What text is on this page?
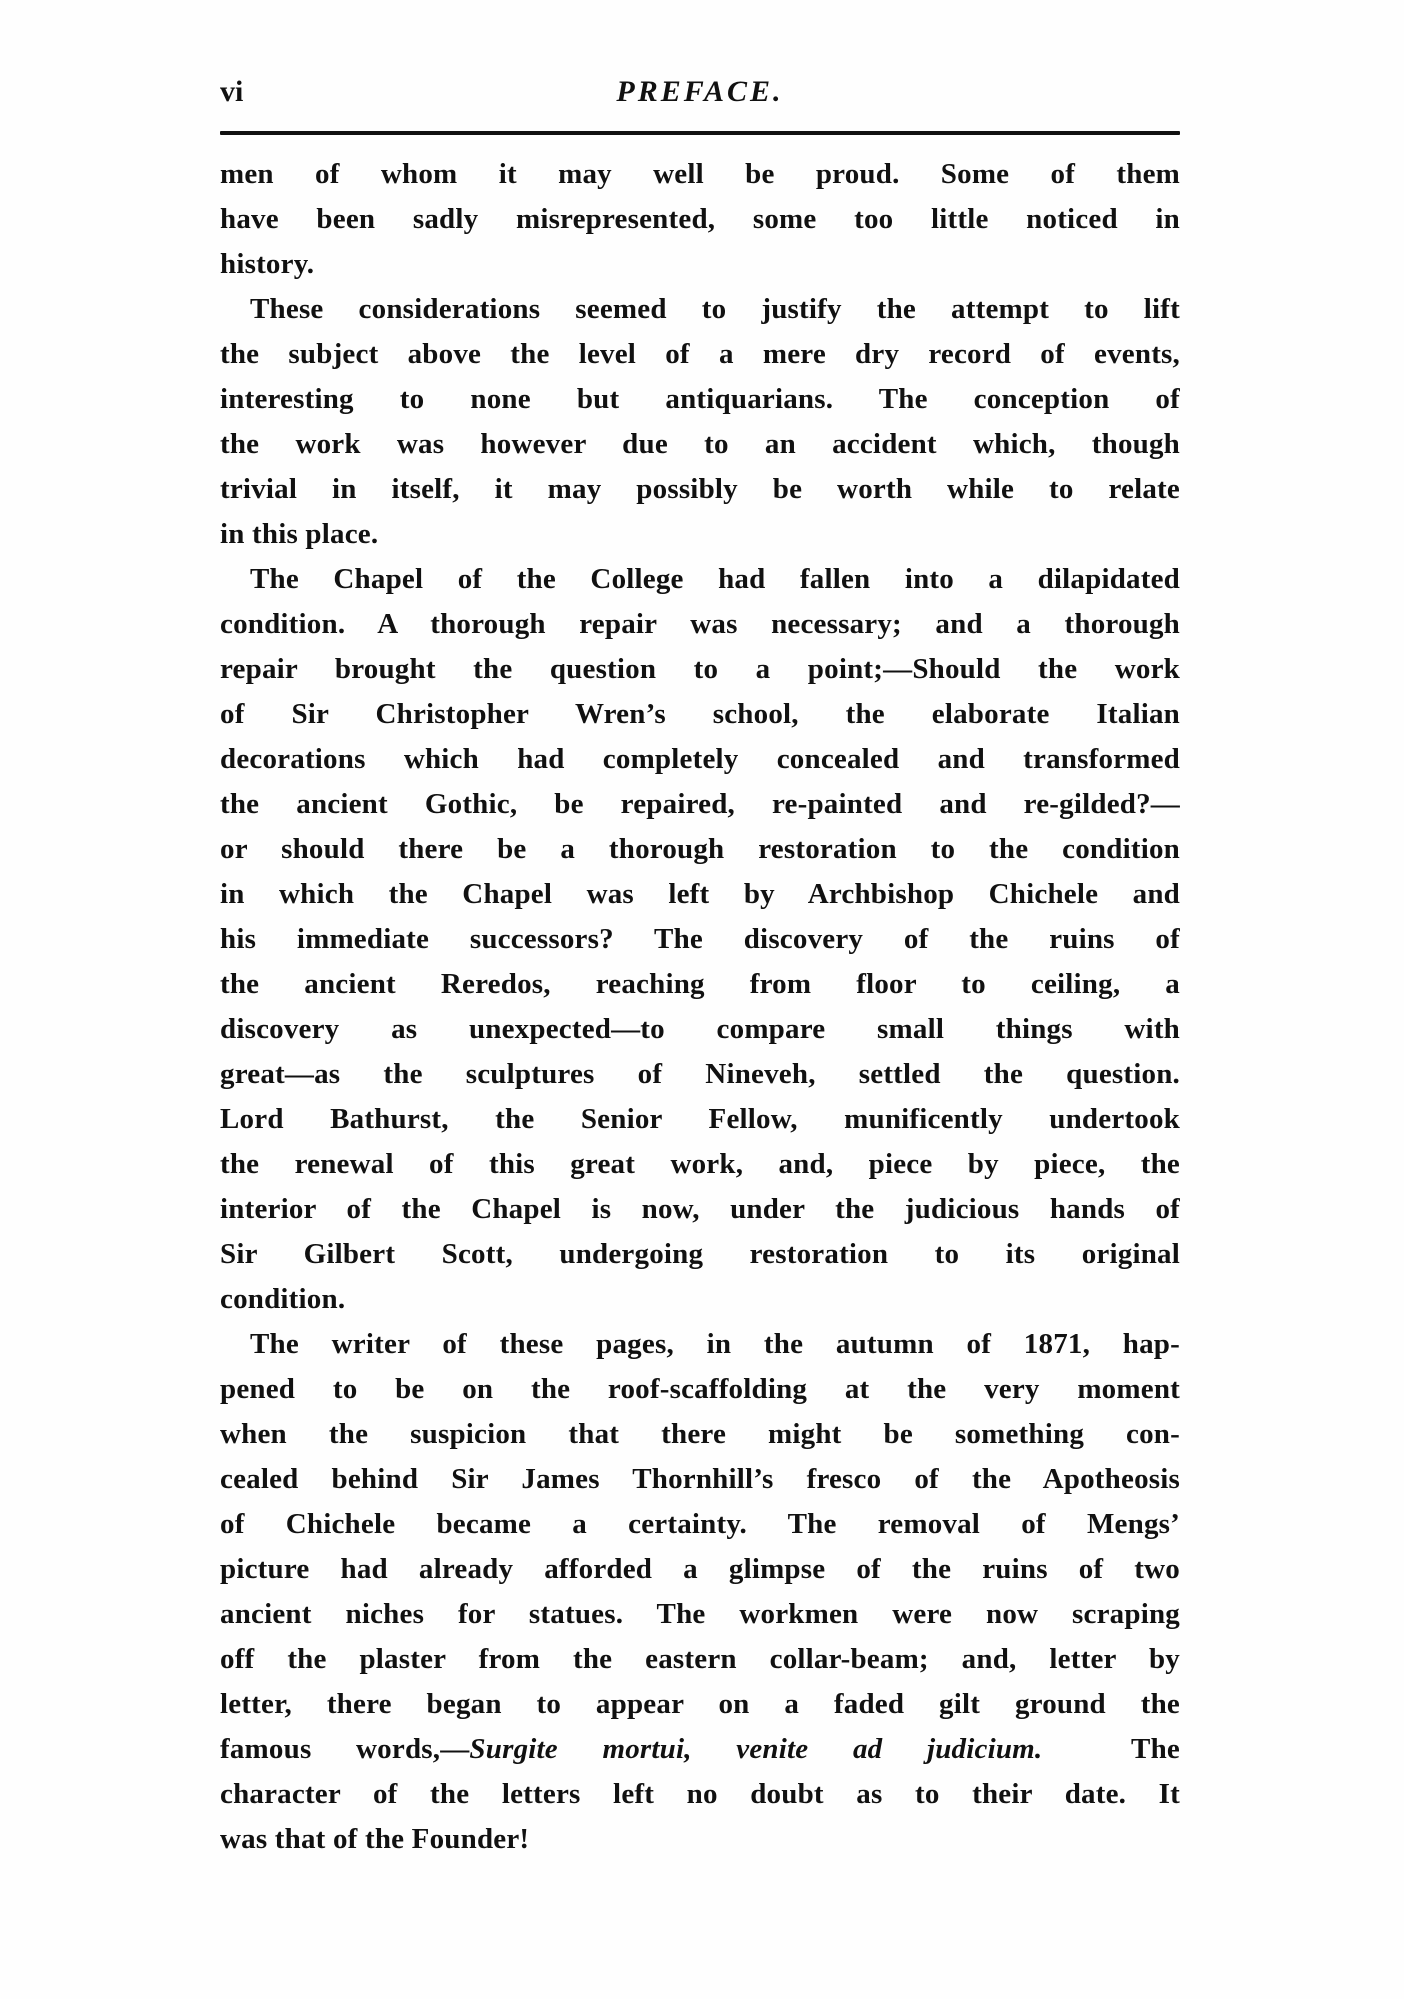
vi	PREFACE.
men of whom it may well be proud. Some of them
have been sadly misrepresented, some too little noticed in
history.
These considerations seemed to justify the attempt to lift
the subject above the level of a mere dry record of events,
interesting to none but antiquarians. The conception of
the work was however due to an accident which, though
trivial in itself, it may possibly be worth while to relate
in this place.
The Chapel of the College had fallen into a dilapidated
condition. A thorough repair was necessary; and a thorough
repair brought the question to a point;—Should the work
of Sir Christopher Wren’s school, the elaborate Italian
decorations which had completely concealed and transformed
the ancient Gothic, be repaired, re-painted and re-gilded?—
or should there be a thorough restoration to the condition
in which the Chapel was left by Archbishop Chichele and
his immediate successors? The discovery of the ruins of
the ancient Reredos, reaching from floor to ceiling, a
discovery as unexpected—to compare small things with
great—as the sculptures of Nineveh, settled the question.
Lord Bathurst, the Senior Fellow, munificently undertook
the renewal of this great work, and, piece by piece, the
interior of the Chapel is now, under the judicious hands of
Sir Gilbert Scott, undergoing restoration to its original
condition.
The writer of these pages, in the autumn of 1871, hap-
pened to be on the roof-scaffolding at the very moment
when the suspicion that there might be something con-
cealed behind Sir James Thornhill’s fresco of the Apotheosis
of Chichele became a certainty. The removal of Mengs’
picture had already afforded a glimpse of the ruins of two
ancient niches for statues. The workmen were now scraping
off the plaster from the eastern collar-beam; and, letter by
letter, there began to appear on a faded gilt ground the
famous words,—Surgite mortui, venite ad judicium.  The
character of the letters left no doubt as to their date. It
was that of the Founder!
